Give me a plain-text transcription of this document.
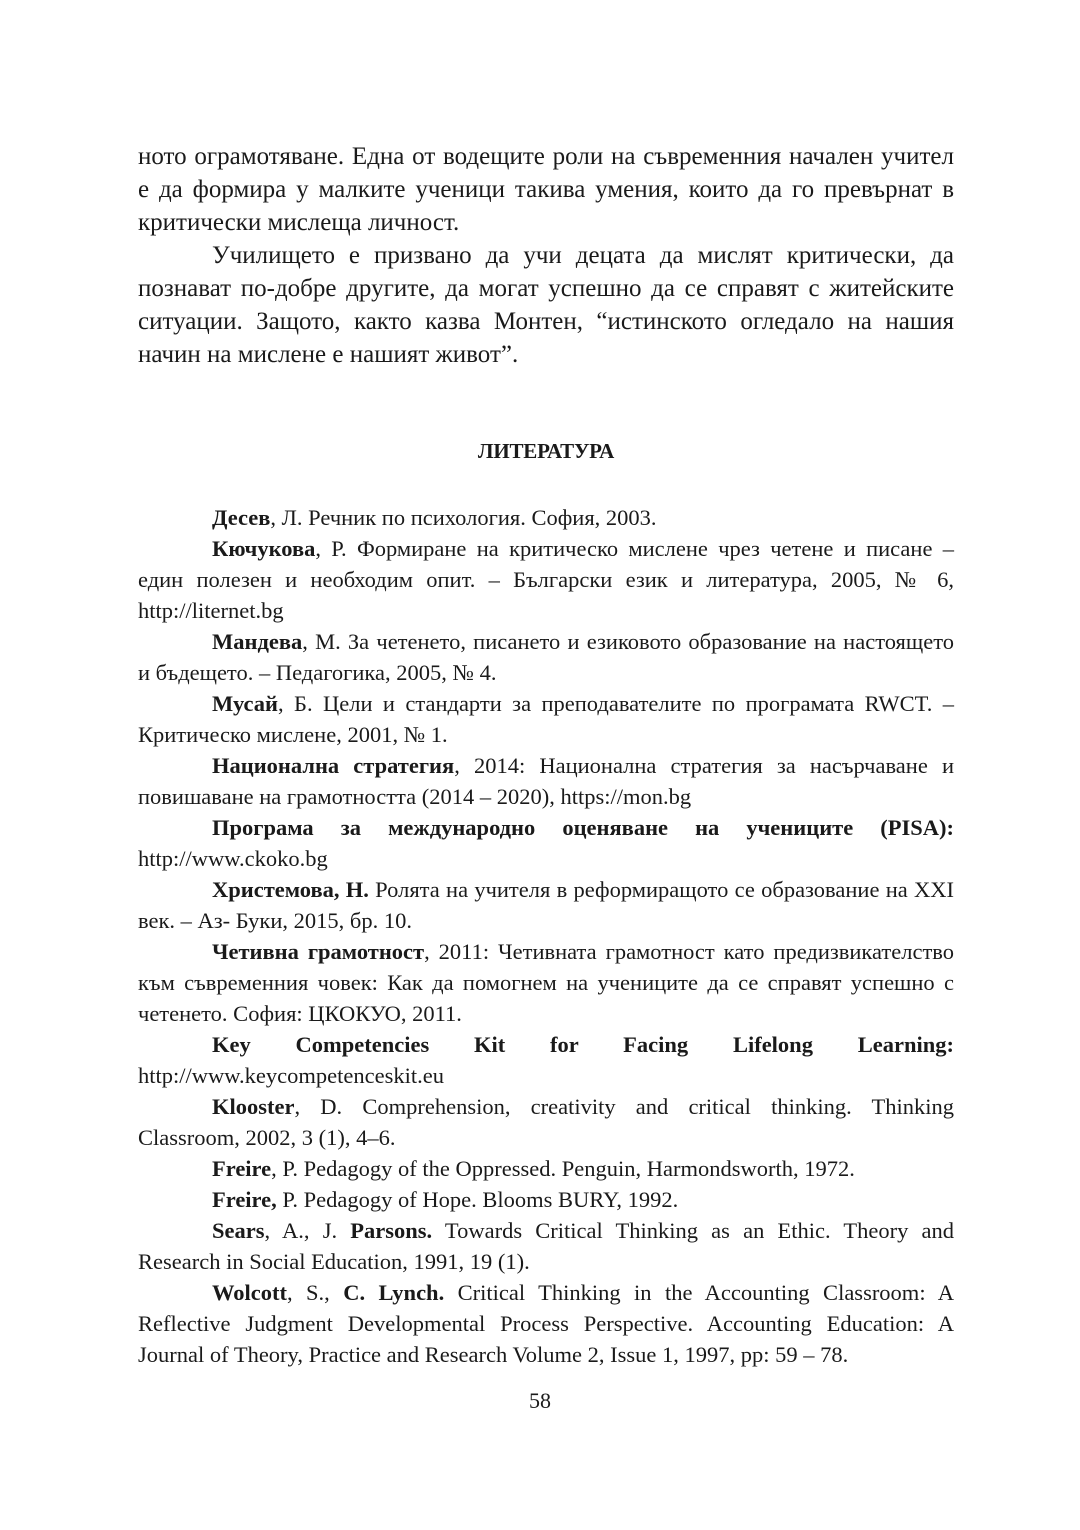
ното ограмотяване. Една от водещите роли на съвременния начален учител е да формира у малките ученици такива умения, които да го превърнат в критически мислеща личност.

Училището е призвано да учи децата да мислят критически, да познават по-добре другите, да могат успешно да се справят с житейските ситуации. Защото, както казва Монтен, “истинското огледало на нашия начин на мислене е нашият живот”.

ЛИТЕРАТУРА

Десев, Л. Речник по психология. София, 2003.

Кючукова, Р. Формиране на критическо мислене чрез четене и писане – един полезен и необходим опит. – Български език и литература, 2005, № 6, http://liternet.bg

Мандева, М. За четенето, писането и езиковото образование на настоящето и бъдещето. – Педагогика, 2005, № 4.

Мусай, Б. Цели и стандарти за преподавателите по програмата RWCT. – Критическо мислене, 2001, № 1.

Национална стратегия, 2014: Национална стратегия за насърчаване и повишаване на грамотността (2014 – 2020), https://mon.bg

Програма за международно оценяване на учениците (PISA): http://www.ckoko.bg

Христемова, Н. Ролята на учителя в реформиращото се образование на XXI век. – Аз- Буки, 2015, бр. 10.

Четивна грамотност, 2011: Четивната грамотност като предизвикателство към съвременния човек: Как да помогнем на учениците да се справят успешно с четенето. София: ЦКОКУО, 2011.

Key Competencies Kit for Facing Lifelong Learning: http://www.keycompetenceskit.eu

Klooster, D. Comprehension, creativity and critical thinking. Thinking Classroom, 2002, 3 (1), 4–6.

Freire, P. Pedagogy of the Oppressed. Penguin, Harmondsworth, 1972.

Freire, P. Pedagogy of Hope. Blooms BURY, 1992.

Sears, A., J. Parsons. Towards Critical Thinking as an Ethic. Theory and Research in Social Education, 1991, 19 (1).

Wolcott, S., C. Lynch. Critical Thinking in the Accounting Classroom: A Reflective Judgment Developmental Process Perspective. Accounting Education: A Journal of Theory, Practice and Research Volume 2, Issue 1, 1997, pp: 59 – 78.

58
